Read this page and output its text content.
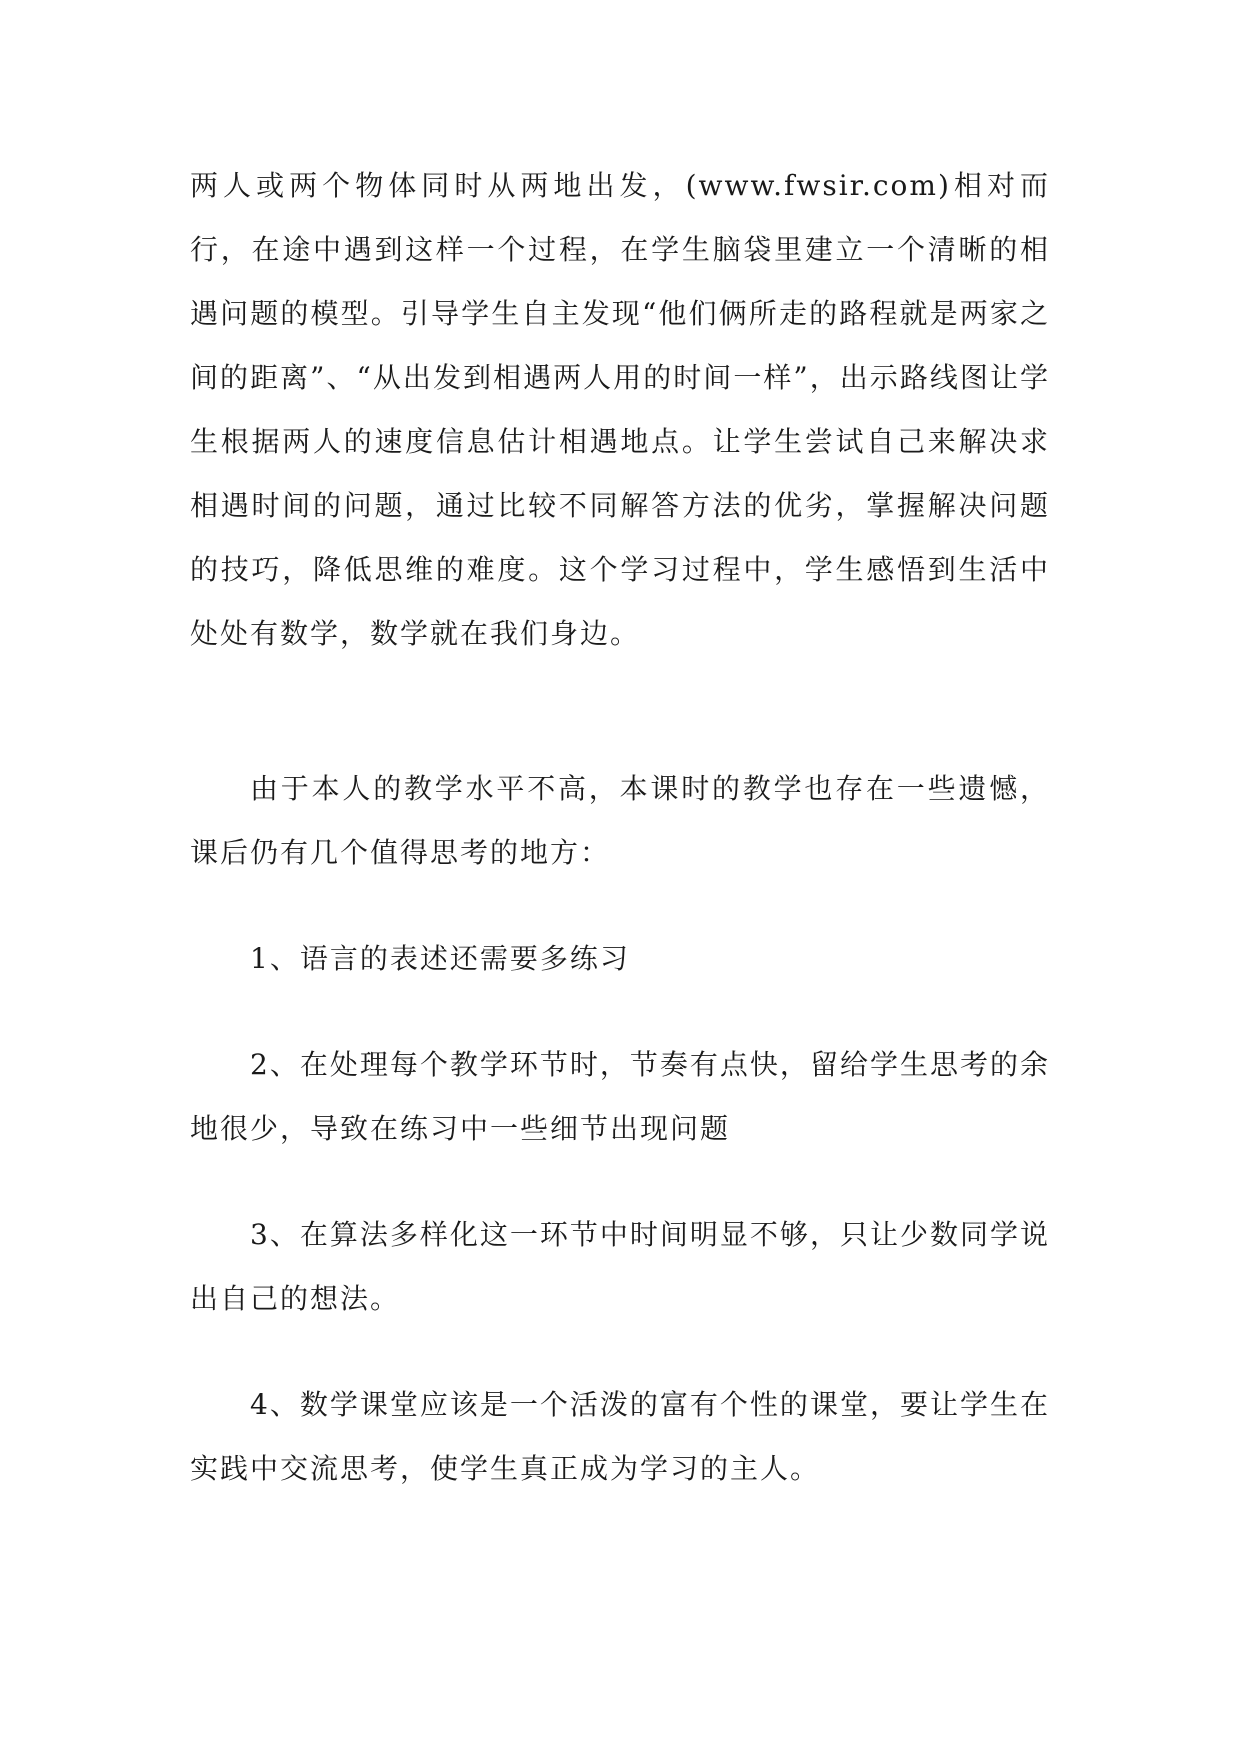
两人或两个物体同时从两地出发，(www.fwsir.com)相对而行，在途中遇到这样一个过程，在学生脑袋里建立一个清晰的相遇问题的模型。引导学生自主发现“他们俩所走的路程就是两家之间的距离”、“从出发到相遇两人用的时间一样”，出示路线图让学生根据两人的速度信息估计相遇地点。让学生尝试自己来解决求相遇时间的问题，通过比较不同解答方法的优劣，掌握解决问题的技巧，降低思维的难度。这个学习过程中，学生感悟到生活中处处有数学，数学就在我们身边。

由于本人的教学水平不高，本课时的教学也存在一些遗憾，课后仍有几个值得思考的地方：

1、语言的表述还需要多练习

2、在处理每个教学环节时，节奏有点快，留给学生思考的余地很少，导致在练习中一些细节出现问题

3、在算法多样化这一环节中时间明显不够，只让少数同学说出自己的想法。

4、数学课堂应该是一个活泼的富有个性的课堂，要让学生在实践中交流思考，使学生真正成为学习的主人。
